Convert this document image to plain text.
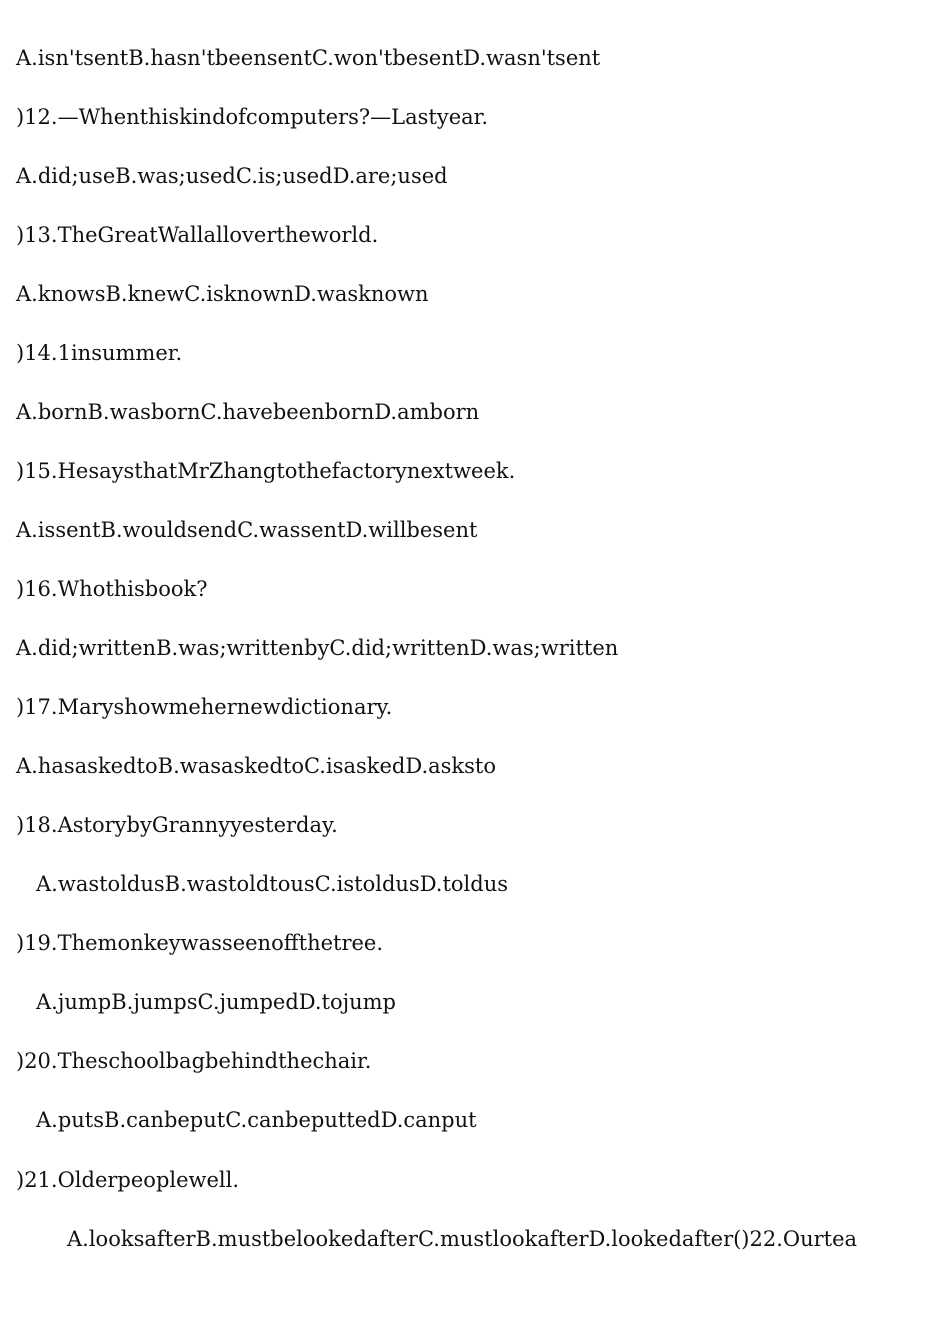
A.isn'tsentB.hasn'tbeensentC.won'tbesentD.wasn'tsent
)12.—Whenthiskindofcomputers?—Lastyear.
A.did;useB.was;usedC.is;usedD.are;used
)13.TheGreatWallallovertheworld.
A.knowsB.knewC.isknownD.wasknown
)14.1insummer.
A.bornB.wasbornC.havebeenbornD.amborn
)15.HesaysthatMrZhangtothefactorynextweek.
A.issentB.wouldsendC.wassentD.willbesent
)16.Whothisbook?
A.did;writtenB.was;writtenbyC.did;writtenD.was;written
)17.Maryshowmehernewdictionary.
A.hasaskedtoB.wasaskedtoC.isaskedD.asksto
)18.AstorybyGrannyyesterday.
A.wastoldusB.wastoldtousC.istoldusD.toldus
)19.Themonkeywasseenoffthetree.
A.jumpB.jumpsC.jumpedD.tojump
)20.Theschoolbagbehindthechair.
A.putsB.canbeputC.canbeputtedD.canput
)21.Olderpeoplewell.
A.looksafterB.mustbelookedafterC.mustlookafterD.lookedafter()22.Ourtea
